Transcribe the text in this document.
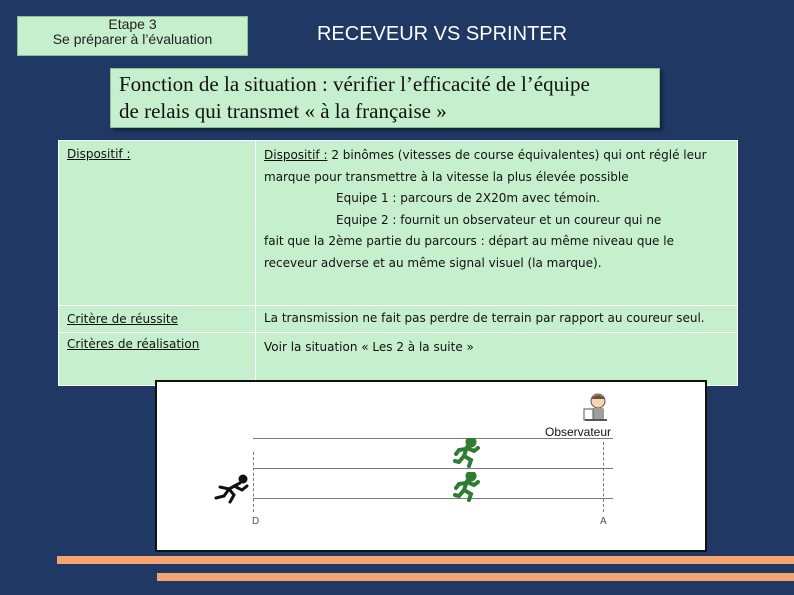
Etape 3
Se préparer à l’évaluation	RECEVEUR VS SPRINTER
Fonction de la situation : vérifier l’efficacité de l’équipe
de relais qui transmet « à la française »
Dispositif :	Dispositif : 2 binômes (vitesses de course équivalentes) qui ont réglé leur marque pour transmettre à la vitesse la plus élevée possible
Equipe 1 : parcours de 2X20m avec témoin.
Equipe 2 : fournit un observateur et un coureur qui ne
fait que la 2ème partie du parcours : départ au même niveau que le receveur adverse et au même signal visuel (la marque).
Critère de réussite	La transmission ne fait pas perdre de terrain par rapport au coureur seul.
Critères de réalisation	Voir la situation « Les 2 à la suite »
Observateur
D	A
